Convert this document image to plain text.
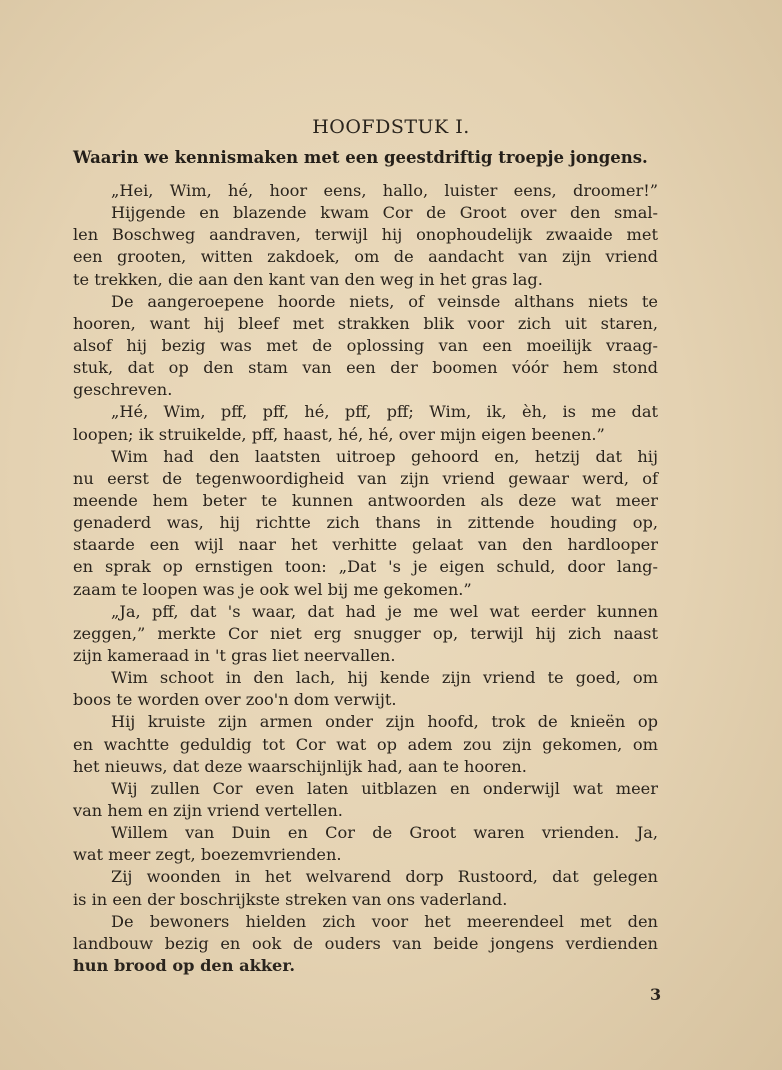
HOOFDSTUK I.
Waarin we kennismaken met een geestdriftig troepje jongens.
„Hei, Wim, hé, hoor eens, hallo, luister eens, droomer!”
Hijgende en blazende kwam Cor de Groot over den smal-
len Boschweg aandraven, terwijl hij onophoudelijk zwaaide met
een grooten, witten zakdoek, om de aandacht van zijn vriend
te trekken, die aan den kant van den weg in het gras lag.
De aangeroepene hoorde niets, of veinsde althans niets te
hooren, want hij bleef met strakken blik voor zich uit staren,
alsof hij bezig was met de oplossing van een moeilijk vraag-
stuk, dat op den stam van een der boomen vóór hem stond
geschreven.
„Hé, Wim, pff, pff, hé, pff, pff; Wim, ik, èh, is me dat
loopen; ik struikelde, pff, haast, hé, hé, over mijn eigen beenen.”
Wim had den laatsten uitroep gehoord en, hetzij dat hij
nu eerst de tegenwoordigheid van zijn vriend gewaar werd, of
meende hem beter te kunnen antwoorden als deze wat meer
genaderd was, hij richtte zich thans in zittende houding op,
staarde een wijl naar het verhitte gelaat van den hardlooper
en sprak op ernstigen toon: „Dat 's je eigen schuld, door lang-
zaam te loopen was je ook wel bij me gekomen.”
„Ja, pff, dat 's waar, dat had je me wel wat eerder kunnen
zeggen,” merkte Cor niet erg snugger op, terwijl hij zich naast
zijn kameraad in 't gras liet neervallen.
Wim schoot in den lach, hij kende zijn vriend te goed, om
boos te worden over zoo'n dom verwijt.
Hij kruiste zijn armen onder zijn hoofd, trok de knieën op
en wachtte geduldig tot Cor wat op adem zou zijn gekomen, om
het nieuws, dat deze waarschijnlijk had, aan te hooren.
Wij zullen Cor even laten uitblazen en onderwijl wat meer
van hem en zijn vriend vertellen.
Willem van Duin en Cor de Groot waren vrienden. Ja,
wat meer zegt, boezemvrienden.
Zij woonden in het welvarend dorp Rustoord, dat gelegen
is in een der boschrijkste streken van ons vaderland.
De bewoners hielden zich voor het meerendeel met den
landbouw bezig en ook de ouders van beide jongens verdienden
hun brood op den akker.
3
